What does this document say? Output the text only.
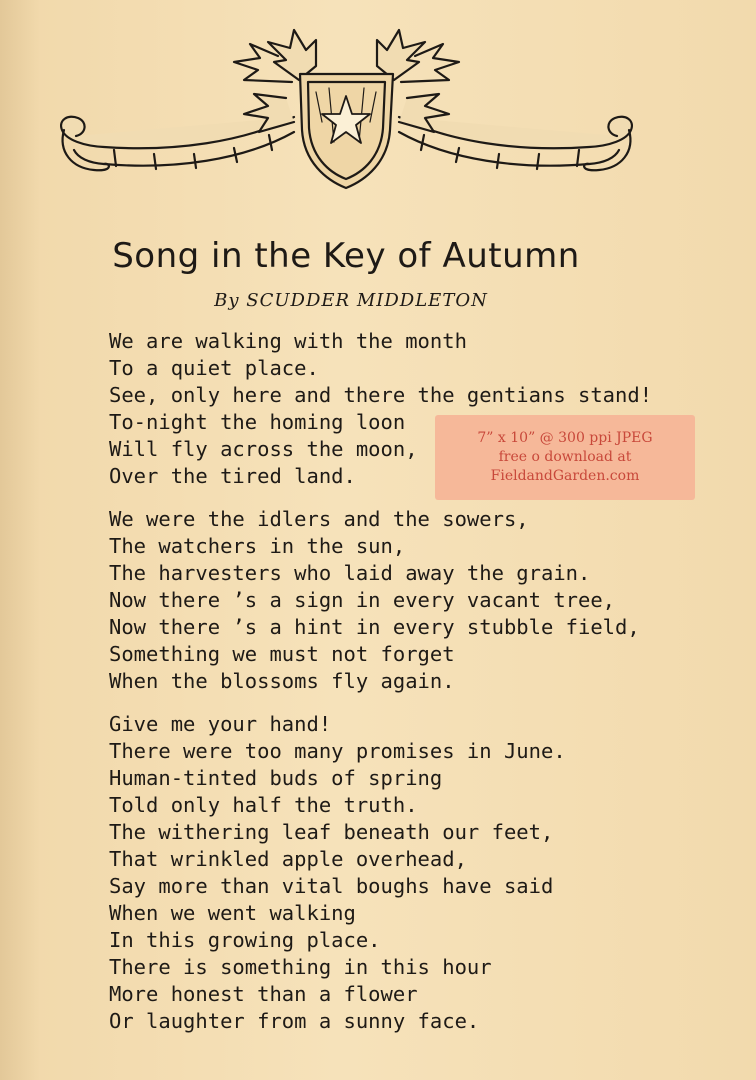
Song in the Key of Autumn
By SCUDDER MIDDLETON
We are walking with the month
To a quiet place.
See, only here and there the gentians stand!
To-night the homing loon
Will fly across the moon,
Over the tired land.
We were the idlers and the sowers,
The watchers in the sun,
The harvesters who laid away the grain.
Now there ’s a sign in every vacant tree,
Now there ’s a hint in every stubble field,
Something we must not forget
When the blossoms fly again.
Give me your hand!
There were too many promises in June.
Human-tinted buds of spring
Told only half the truth.
The withering leaf beneath our feet,
That wrinkled apple overhead,
Say more than vital boughs have said
When we went walking
In this growing place.
There is something in this hour
More honest than a flower
Or laughter from a sunny face.
7” x 10” @ 300 ppi JPEG
free o download at
FieldandGarden.com
